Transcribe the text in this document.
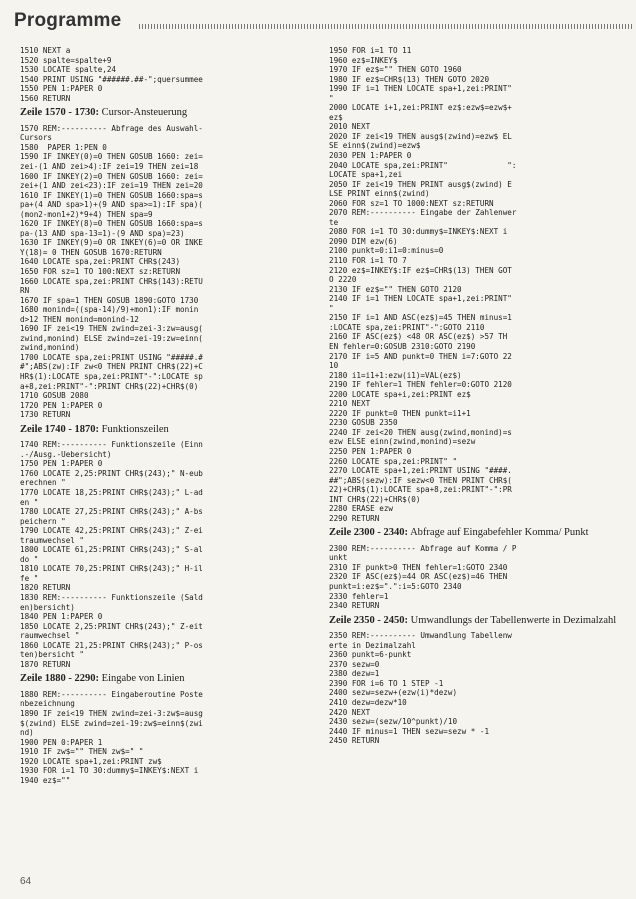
Programme
1510 NEXT a
1520 spalte=spalte+9
1530 LOCATE spalte,24
1540 PRINT USING "######.##-";quersummee
1550 PEN 1:PAPER 0
1560 RETURN
Zeile 1570 - 1730: Cursor-Ansteuerung
1570 REM:---------- Abfrage des Auswahl-
Cursors
1580  PAPER 1:PEN 0
1590 IF INKEY(0)=0 THEN GOSUB 1660: zei=
zei-(1 AND zei>4):IF zei=19 THEN zei=18
1600 IF INKEY(2)=0 THEN GOSUB 1660: zei=
zei+(1 AND zei<23):IF zei=19 THEN zei=20
1610 IF INKEY(1)=0 THEN GOSUB 1660:spa=s
pa+(4 AND spa>1)+(9 AND spa>=1):IF spa)(
(mon2-mon1+2)*9+4) THEN spa=9
1620 IF INKEY(8)=0 THEN GOSUB 1660:spa=s
pa-(13 AND spa-13=1)-(9 AND spa)=23)
1630 IF INKEY(9)=0 OR INKEY(6)=0 OR INKE
Y(18)= 0 THEN GOSUB 1670:RETURN
1640 LOCATE spa,zei:PRINT CHR$(243)
1650 FOR sz=1 TO 100:NEXT sz:RETURN
1660 LOCATE spa,zei:PRINT CHR$(143):RETU
RN
1670 IF spa=1 THEN GOSUB 1890:GOTO 1730
1680 monind=((spa-14)/9)+mon1):IF monin
d>12 THEN monind=monind-12
1690 IF zei<19 THEN zwind=zei-3:zw=ausg(
zwind,monind) ELSE zwind=zei-19:zw=einn(
zwind,monind)
1700 LOCATE spa,zei:PRINT USING "#####.#
#";ABS(zw):IF zw<0 THEN PRINT CHR$(22)+C
HR$(1):LOCATE spa,zei:PRINT"-":LOCATE sp
a+8,zei:PRINT"-":PRINT CHR$(22)+CHR$(0)
1710 GOSUB 2080
1720 PEN 1:PAPER 0
1730 RETURN
Zeile 1740 - 1870: Funktionszeilen
1740 REM:---------- Funktionszeile (Einn
.-/Ausg.-Uebersicht)
1750 PEN 1:PAPER 0
1760 LOCATE 2,25:PRINT CHR$(243);" N-eub
erechnen "
1770 LOCATE 18,25:PRINT CHR$(243);" L-ad
en "
1780 LOCATE 27,25:PRINT CHR$(243);" A-bs
peichern "
1790 LOCATE 42,25:PRINT CHR$(243);" Z-ei
traumwechsel "
1800 LOCATE 61,25:PRINT CHR$(243);" S-al
do "
1810 LOCATE 70,25:PRINT CHR$(243);" H-il
fe "
1820 RETURN
1830 REM:---------- Funktionszeile (Sald
en)bersicht)
1840 PEN 1:PAPER 0
1850 LOCATE 2,25:PRINT CHR$(243);" Z-eit
raumwechsel "
1860 LOCATE 21,25:PRINT CHR$(243);" P-os
ten)bersicht "
1870 RETURN
Zeile 1880 - 2290: Eingabe von Linien
1880 REM:---------- Eingaberoutine Poste
nbezeichnung
1890 IF zei<19 THEN zwind=zei-3:zw$=ausg
$(zwind) ELSE zwind=zei-19:zw$=einn$(zwi
nd)
1900 PEN 0:PAPER 1
1910 IF zw$="" THEN zw$=" "
1920 LOCATE spa+1,zei:PRINT zw$
1930 FOR i=1 TO 30:dummy$=INKEY$:NEXT i
1940 ez$=""
1950 FOR i=1 TO 11
1960 ez$=INKEY$
1970 IF ez$="" THEN GOTO 1960
1980 IF ez$=CHR$(13) THEN GOTO 2020
1990 IF i=1 THEN LOCATE spa+1,zei:PRINT"
"
2000 LOCATE i+1,zei:PRINT ez$:ezw$=ezw$+
ez$
2010 NEXT
2020 IF zei<19 THEN ausg$(zwind)=ezw$ EL
SE einn$(zwind)=ezw$
2030 PEN 1:PAPER 0
2040 LOCATE spa,zei:PRINT"             ":
LOCATE spa+1,zei
2050 IF zei<19 THEN PRINT ausg$(zwind) E
LSE PRINT einn$(zwind)
2060 FOR sz=1 TO 1000:NEXT sz:RETURN
2070 REM:---------- Eingabe der Zahlenwer
te
2080 FOR i=1 TO 30:dummy$=INKEY$:NEXT i
2090 DIM ezw(6)
2100 punkt=0:i1=0:minus=0
2110 FOR i=1 TO 7
2120 ez$=INKEY$:IF ez$=CHR$(13) THEN GOT
O 2220
2130 IF ez$="" THEN GOTO 2120
2140 IF i=1 THEN LOCATE spa+1,zei:PRINT"
"
2150 IF i=1 AND ASC(ez$)=45 THEN minus=1
:LOCATE spa,zei:PRINT"-":GOTO 2110
2160 IF ASC(ez$) <48 OR ASC(ez$) >57 TH
EN fehler=0:GOSUB 2310:GOTO 2190
2170 IF i=5 AND punkt=0 THEN i=7:GOTO 22
10
2180 i1=i1+1:ezw(i1)=VAL(ez$)
2190 IF fehler=1 THEN fehler=0:GOTO 2120
2200 LOCATE spa+i,zei:PRINT ez$
2210 NEXT
2220 IF punkt=0 THEN punkt=i1+1
2230 GOSUB 2350
2240 IF zei<20 THEN ausg(zwind,monind)=s
ezw ELSE einn(zwind,monind)=sezw
2250 PEN 1:PAPER 0
2260 LOCATE spa,zei:PRINT" "
2270 LOCATE spa+1,zei:PRINT USING "####.
##";ABS(sezw):IF sezw<0 THEN PRINT CHR$(
22)+CHR$(1):LOCATE spa+8,zei:PRINT"-":PR
INT CHR$(22)+CHR$(0)
2280 ERASE ezw
2290 RETURN
Zeile 2300 - 2340: Abfrage auf Eingabefehler Komma/ Punkt
2300 REM:---------- Abfrage auf Komma / P
unkt
2310 IF punkt>0 THEN fehler=1:GOTO 2340
2320 IF ASC(ez$)=44 OR ASC(ez$)=46 THEN
punkt=i:ez$=".":i=5:GOTO 2340
2330 fehler=1
2340 RETURN
Zeile 2350 - 2450: Umwandlungs der Tabellenwerte in Dezimalzahl
2350 REM:---------- Umwandlung Tabellenw
erte in Dezimalzahl
2360 punkt=6-punkt
2370 sezw=0
2380 dezw=1
2390 FOR i=6 TO 1 STEP -1
2400 sezw=sezw+(ezw(i)*dezw)
2410 dezw=dezw*10
2420 NEXT
2430 sezw=(sezw/10^punkt)/10
2440 IF minus=1 THEN sezw=sezw * -1
2450 RETURN
64
